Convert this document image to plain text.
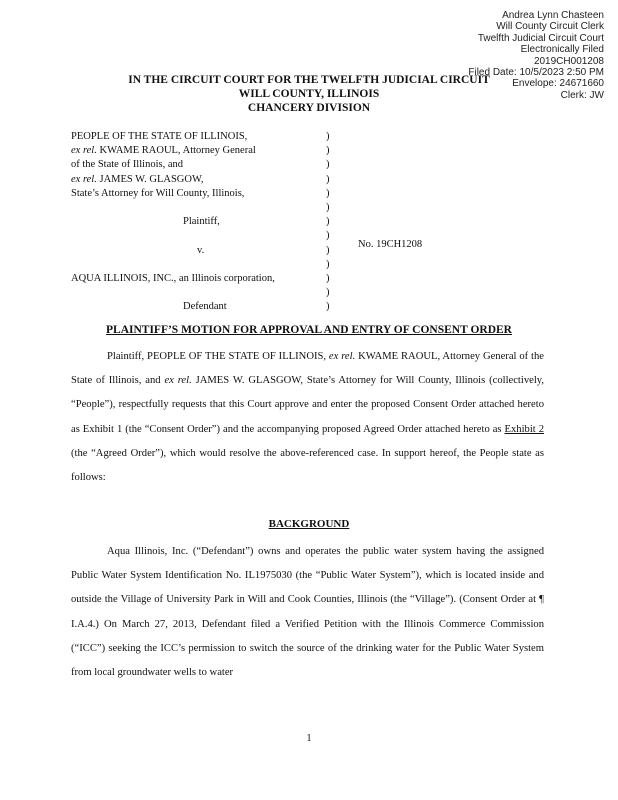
Andrea Lynn Chasteen
Will County Circuit Clerk
Twelfth Judicial Circuit Court
Electronically Filed
2019CH001208
Filed Date: 10/5/2023 2:50 PM
Envelope: 24671660
Clerk: JW
IN THE CIRCUIT COURT FOR THE TWELFTH JUDICIAL CIRCUIT
WILL COUNTY, ILLINOIS
CHANCERY DIVISION
PEOPLE OF THE STATE OF ILLINOIS,
ex rel. KWAME RAOUL, Attorney General
of the State of Illinois, and
ex rel. JAMES W. GLASGOW,
State’s Attorney for Will County, Illinois,
Plaintiff,
v.
AQUA ILLINOIS, INC., an Illinois corporation,
Defendant
)
)
)
)
)
)
)
)
)
)
)
)
)
No. 19CH1208
PLAINTIFF’S MOTION FOR APPROVAL AND ENTRY OF CONSENT ORDER

Plaintiff, PEOPLE OF THE STATE OF ILLINOIS, ex rel. KWAME RAOUL, Attorney General of the State of Illinois, and ex rel. JAMES W. GLASGOW, State’s Attorney for Will County, Illinois (collectively, “People”), respectfully requests that this Court approve and enter the proposed Consent Order attached hereto as Exhibit 1 (the “Consent Order”) and the accompanying proposed Agreed Order attached hereto as Exhibit 2 (the “Agreed Order”), which would resolve the above-referenced case. In support hereof, the People state as follows:

BACKGROUND

Aqua Illinois, Inc. (“Defendant”) owns and operates the public water system having the assigned Public Water System Identification No. IL1975030 (the “Public Water System”), which is located inside and outside the Village of University Park in Will and Cook Counties, Illinois (the “Village”). (Consent Order at ¶ I.A.4.) On March 27, 2013, Defendant filed a Verified Petition with the Illinois Commerce Commission (“ICC”) seeking the ICC’s permission to switch the source of the drinking water for the Public Water System from local groundwater wells to water

1
